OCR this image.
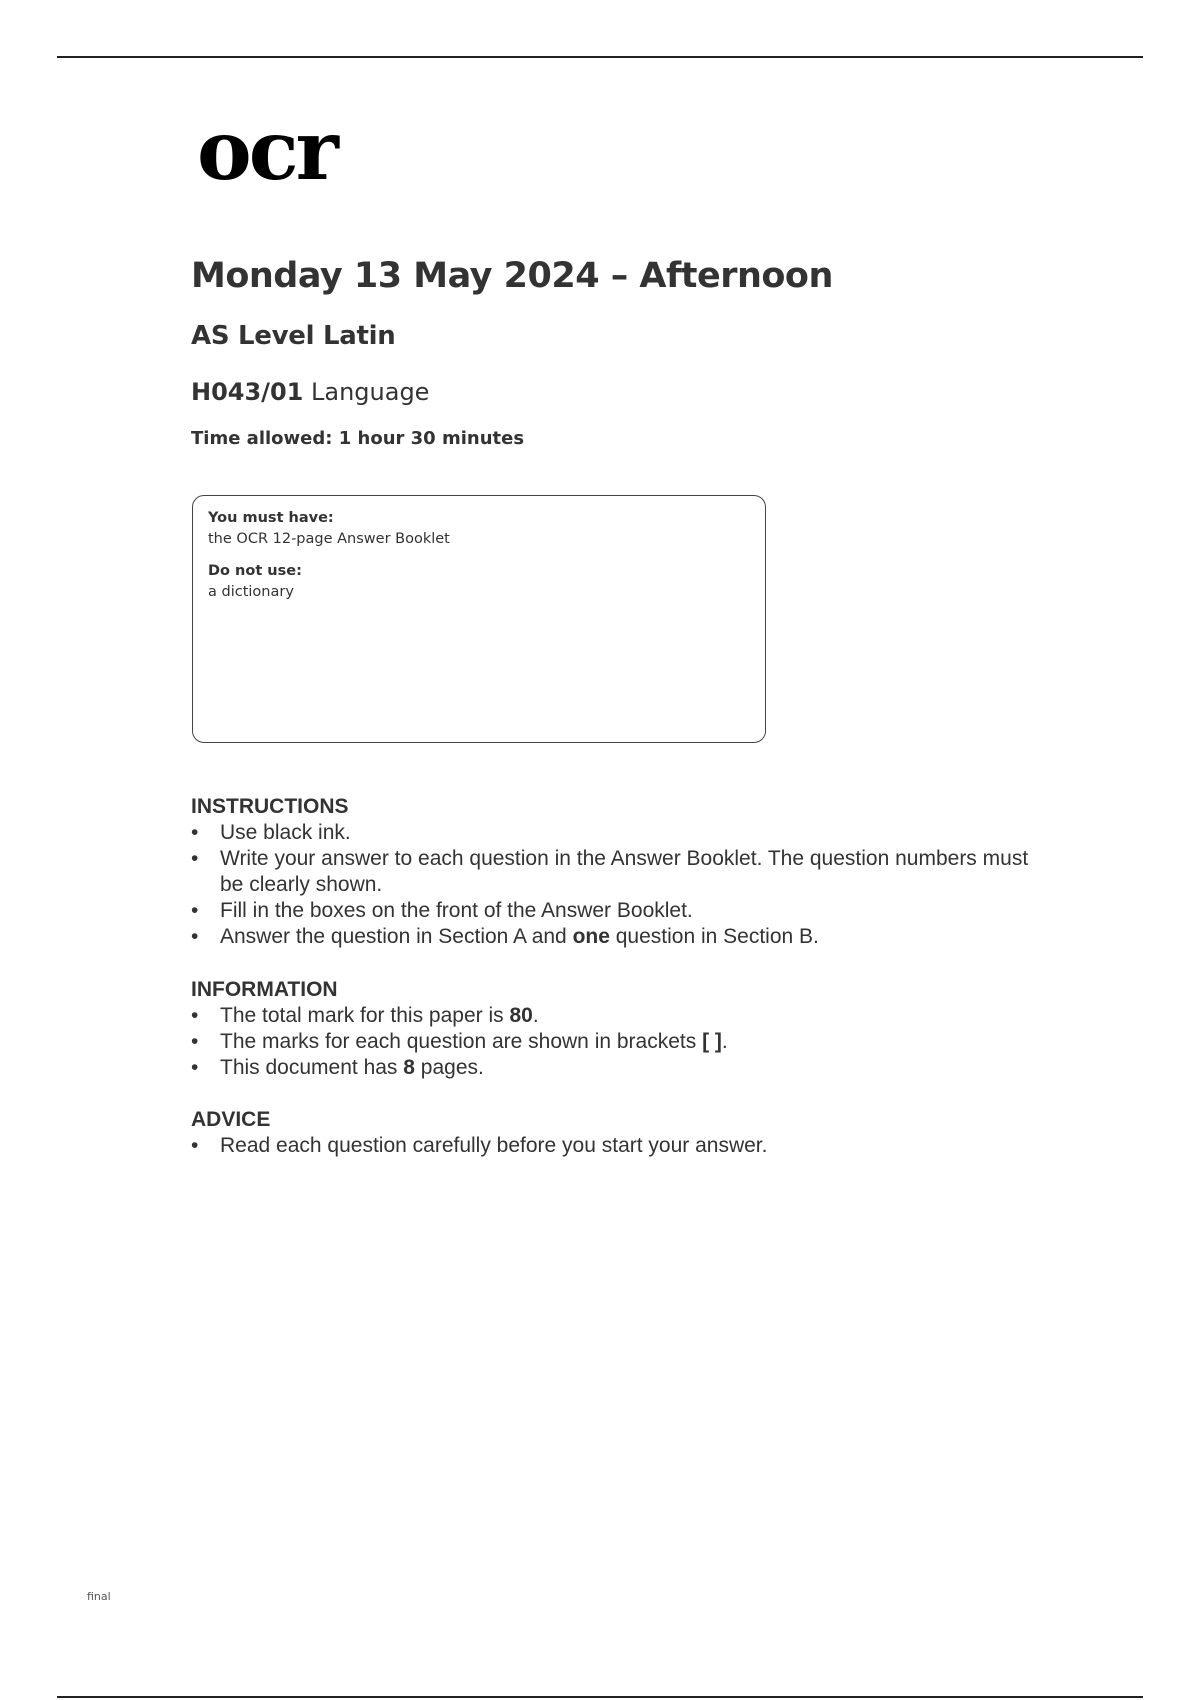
ocr
Monday 13 May 2024 – Afternoon
AS Level Latin
H043/01 Language
Time allowed: 1 hour 30 minutes
You must have:
the OCR 12-page Answer Booklet
Do not use:
a dictionary
INSTRUCTIONS
• Use black ink.
• Write your answer to each question in the Answer Booklet. The question numbers must be clearly shown.
• Fill in the boxes on the front of the Answer Booklet.
• Answer the question in Section A and one question in Section B.
INFORMATION
• The total mark for this paper is 80.
• The marks for each question are shown in brackets [ ].
• This document has 8 pages.
ADVICE
• Read each question carefully before you start your answer.
final
